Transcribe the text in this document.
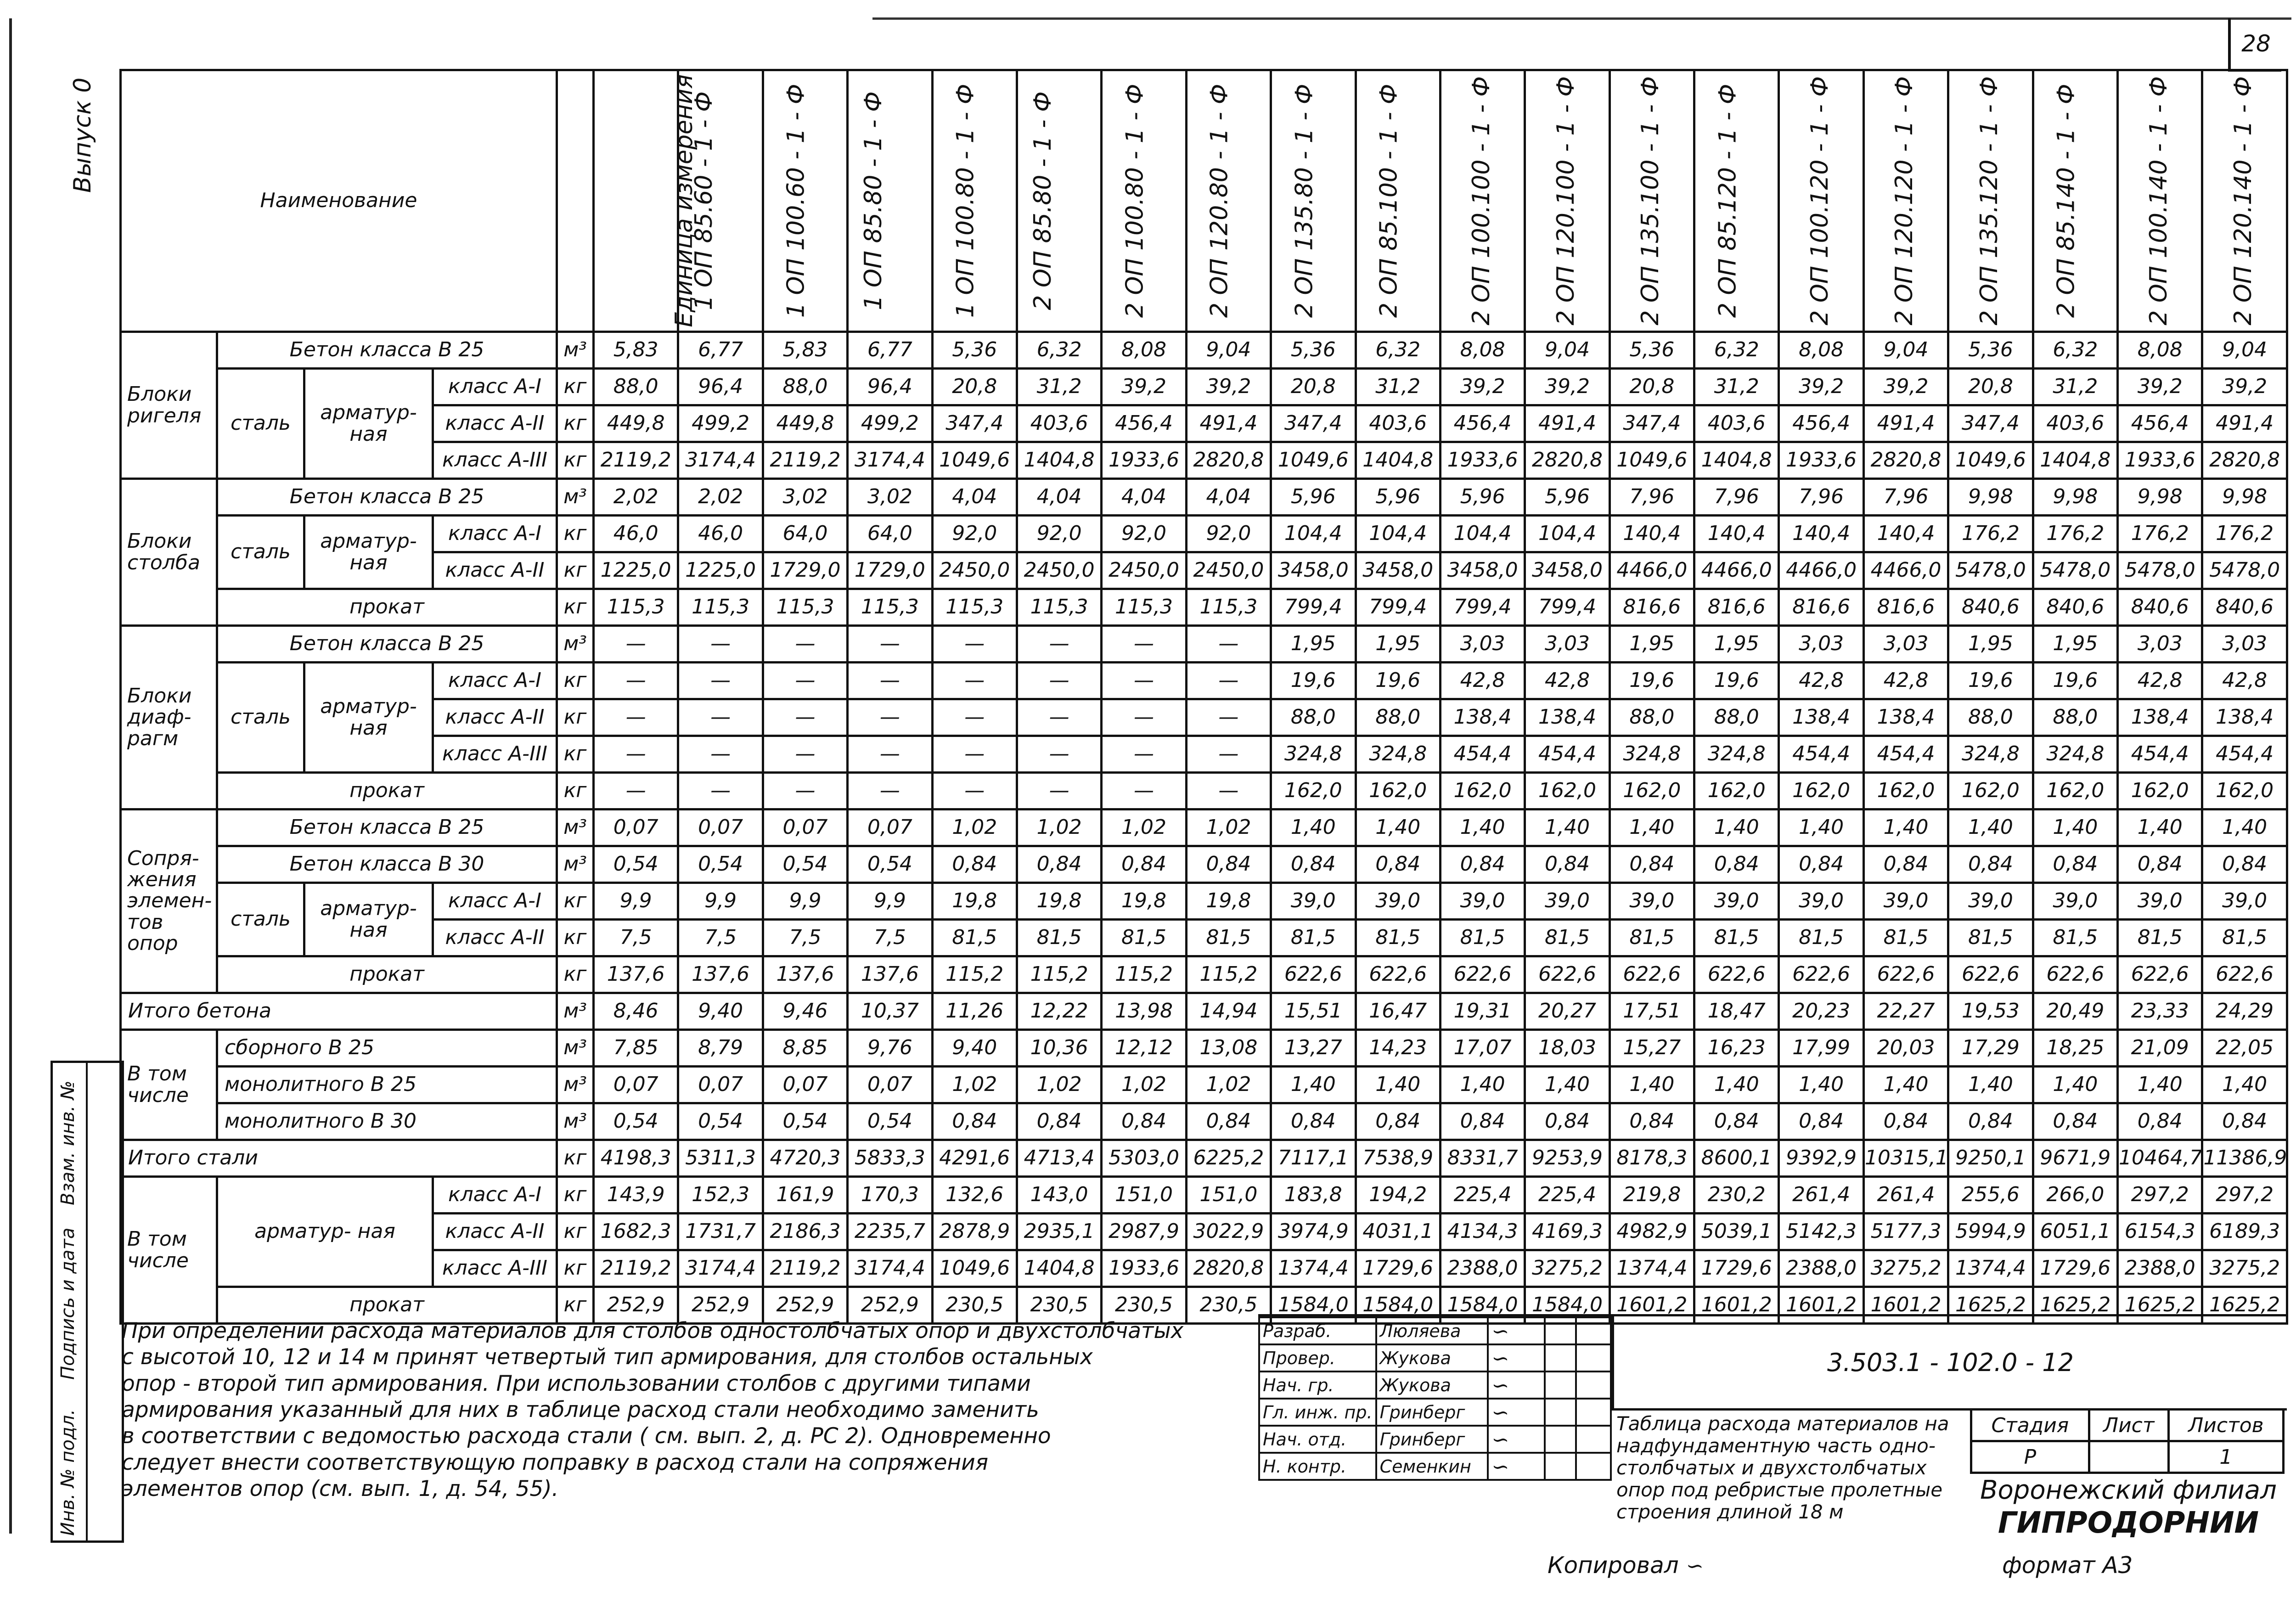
28
Выпуск 0
Инв. № подл.
Подпись и дата
Взам. инв. №
Наименование				Единица измерения	1 ОП 85.60 - 1 - Ф	1 ОП 100.60 - 1 - Ф	1 ОП 85.80 - 1 - Ф	1 ОП 100.80 - 1 - Ф	2 ОП 85.80 - 1 - Ф	2 ОП 100.80 - 1 - Ф	2 ОП 120.80 - 1 - Ф	2 ОП 135.80 - 1 - Ф	2 ОП 85.100 - 1 - Ф	2 ОП 100.100 - 1 - Ф	2 ОП 120.100 - 1 - Ф	2 ОП 135.100 - 1 - Ф	2 ОП 85.120 - 1 - Ф	2 ОП 100.120 - 1 - Ф	2 ОП 120.120 - 1 - Ф	2 ОП 135.120 - 1 - Ф	2 ОП 85.140 - 1 - Ф	2 ОП 100.140 - 1 - Ф	2 ОП 120.140 - 1 - Ф	
Блоки ригеля	Бетон класса В 25			м³	5,83	6,77	5,83	6,77	5,36	6,32	8,08	9,04	5,36	6,32	8,08	9,04	5,36	6,32	8,08	9,04	5,36	6,32	8,08	9,04
	сталь	арматур- ная	класс А-I	кг	88,0	96,4	88,0	96,4	20,8	31,2	39,2	39,2	20,8	31,2	39,2	39,2	20,8	31,2	39,2	39,2	20,8	31,2	39,2	39,2
			класс А-II	кг	449,8	499,2	449,8	499,2	347,4	403,6	456,4	491,4	347,4	403,6	456,4	491,4	347,4	403,6	456,4	491,4	347,4	403,6	456,4	491,4
			класс А-III	кг	2119,2	3174,4	2119,2	3174,4	1049,6	1404,8	1933,6	2820,8	1049,6	1404,8	1933,6	2820,8	1049,6	1404,8	1933,6	2820,8	1049,6	1404,8	1933,6	2820,8
Блоки столба	Бетон класса В 25			м³	2,02	2,02	3,02	3,02	4,04	4,04	4,04	4,04	5,96	5,96	5,96	5,96	7,96	7,96	7,96	7,96	9,98	9,98	9,98	9,98
	сталь	арматур- ная	класс А-I	кг	46,0	46,0	64,0	64,0	92,0	92,0	92,0	92,0	104,4	104,4	104,4	104,4	140,4	140,4	140,4	140,4	176,2	176,2	176,2	176,2
			класс А-II	кг	1225,0	1225,0	1729,0	1729,0	2450,0	2450,0	2450,0	2450,0	3458,0	3458,0	3458,0	3458,0	4466,0	4466,0	4466,0	4466,0	5478,0	5478,0	5478,0	5478,0
	прокат			кг	115,3	115,3	115,3	115,3	115,3	115,3	115,3	115,3	799,4	799,4	799,4	799,4	816,6	816,6	816,6	816,6	840,6	840,6	840,6	840,6
Блоки диаф- рагм	Бетон класса В 25			м³	—	—	—	—	—	—	—	—	1,95	1,95	3,03	3,03	1,95	1,95	3,03	3,03	1,95	1,95	3,03	3,03
	сталь	арматур- ная	класс А-I	кг	—	—	—	—	—	—	—	—	19,6	19,6	42,8	42,8	19,6	19,6	42,8	42,8	19,6	19,6	42,8	42,8
			класс А-II	кг	—	—	—	—	—	—	—	—	88,0	88,0	138,4	138,4	88,0	88,0	138,4	138,4	88,0	88,0	138,4	138,4
			класс А-III	кг	—	—	—	—	—	—	—	—	324,8	324,8	454,4	454,4	324,8	324,8	454,4	454,4	324,8	324,8	454,4	454,4
	прокат			кг	—	—	—	—	—	—	—	—	162,0	162,0	162,0	162,0	162,0	162,0	162,0	162,0	162,0	162,0	162,0	162,0
Сопря- жения элемен- тов опор	Бетон класса В 25			м³	0,07	0,07	0,07	0,07	1,02	1,02	1,02	1,02	1,40	1,40	1,40	1,40	1,40	1,40	1,40	1,40	1,40	1,40	1,40	1,40
	Бетон класса В 30			м³	0,54	0,54	0,54	0,54	0,84	0,84	0,84	0,84	0,84	0,84	0,84	0,84	0,84	0,84	0,84	0,84	0,84	0,84	0,84	0,84
	сталь	арматур- ная	класс А-I	кг	9,9	9,9	9,9	9,9	19,8	19,8	19,8	19,8	39,0	39,0	39,0	39,0	39,0	39,0	39,0	39,0	39,0	39,0	39,0	39,0
			класс А-II	кг	7,5	7,5	7,5	7,5	81,5	81,5	81,5	81,5	81,5	81,5	81,5	81,5	81,5	81,5	81,5	81,5	81,5	81,5	81,5	81,5
	прокат			кг	137,6	137,6	137,6	137,6	115,2	115,2	115,2	115,2	622,6	622,6	622,6	622,6	622,6	622,6	622,6	622,6	622,6	622,6	622,6	622,6
Итого бетона				м³	8,46	9,40	9,46	10,37	11,26	12,22	13,98	14,94	15,51	16,47	19,31	20,27	17,51	18,47	20,23	22,27	19,53	20,49	23,33	24,29
В том числе	сборного В 25			м³	7,85	8,79	8,85	9,76	9,40	10,36	12,12	13,08	13,27	14,23	17,07	18,03	15,27	16,23	17,99	20,03	17,29	18,25	21,09	22,05
	монолитного В 25			м³	0,07	0,07	0,07	0,07	1,02	1,02	1,02	1,02	1,40	1,40	1,40	1,40	1,40	1,40	1,40	1,40	1,40	1,40	1,40	1,40
	монолитного В 30			м³	0,54	0,54	0,54	0,54	0,84	0,84	0,84	0,84	0,84	0,84	0,84	0,84	0,84	0,84	0,84	0,84	0,84	0,84	0,84	0,84
Итого стали				кг	4198,3	5311,3	4720,3	5833,3	4291,6	4713,4	5303,0	6225,2	7117,1	7538,9	8331,7	9253,9	8178,3	8600,1	9392,9	10315,1	9250,1	9671,9	10464,7	11386,9
В том числе	арматур- ная		класс А-I	кг	143,9	152,3	161,9	170,3	132,6	143,0	151,0	151,0	183,8	194,2	225,4	225,4	219,8	230,2	261,4	261,4	255,6	266,0	297,2	297,2
			класс А-II	кг	1682,3	1731,7	2186,3	2235,7	2878,9	2935,1	2987,9	3022,9	3974,9	4031,1	4134,3	4169,3	4982,9	5039,1	5142,3	5177,3	5994,9	6051,1	6154,3	6189,3
			класс А-III	кг	2119,2	3174,4	2119,2	3174,4	1049,6	1404,8	1933,6	2820,8	1374,4	1729,6	2388,0	3275,2	1374,4	1729,6	2388,0	3275,2	1374,4	1729,6	2388,0	3275,2
	прокат			кг	252,9	252,9	252,9	252,9	230,5	230,5	230,5	230,5	1584,0	1584,0	1584,0	1584,0	1601,2	1601,2	1601,2	1601,2	1625,2	1625,2	1625,2	1625,2
При определении расхода материалов для столбов одностолбчатых опор и двухстолбчатых
с высотой 10, 12 и 14 м принят четвертый тип армирования, для столбов остальных
опор - второй тип армирования. При использовании столбов с другими типами
армирования указанный для них в таблице расход стали необходимо заменить
в соответствии с ведомостью расхода стали ( см. вып. 2, д. РС 2). Одновременно
следует внести соответствующую поправку в расход стали на сопряжения
элементов опор (см. вып. 1, д. 54, 55).
Разраб.	Люляева	∽		
Провер.	Жукова	∽		
Нач. гр.	Жукова	∽		
Гл. инж. пр.	Гринберг	∽		
Нач. отд.	Гринберг	∽		
Н. контр.	Семенкин	∽		
3.503.1 - 102.0 - 12
Таблица расхода материалов на
надфундаментную часть одно-
столбчатых и двухстолбчатых
опор под ребристые пролетные
строения длиной 18 м
Стадия	Лист	Листов
Р		1
Воронежский филиал
ГИПРОДОРНИИ
Копировал ∽	формат А3
